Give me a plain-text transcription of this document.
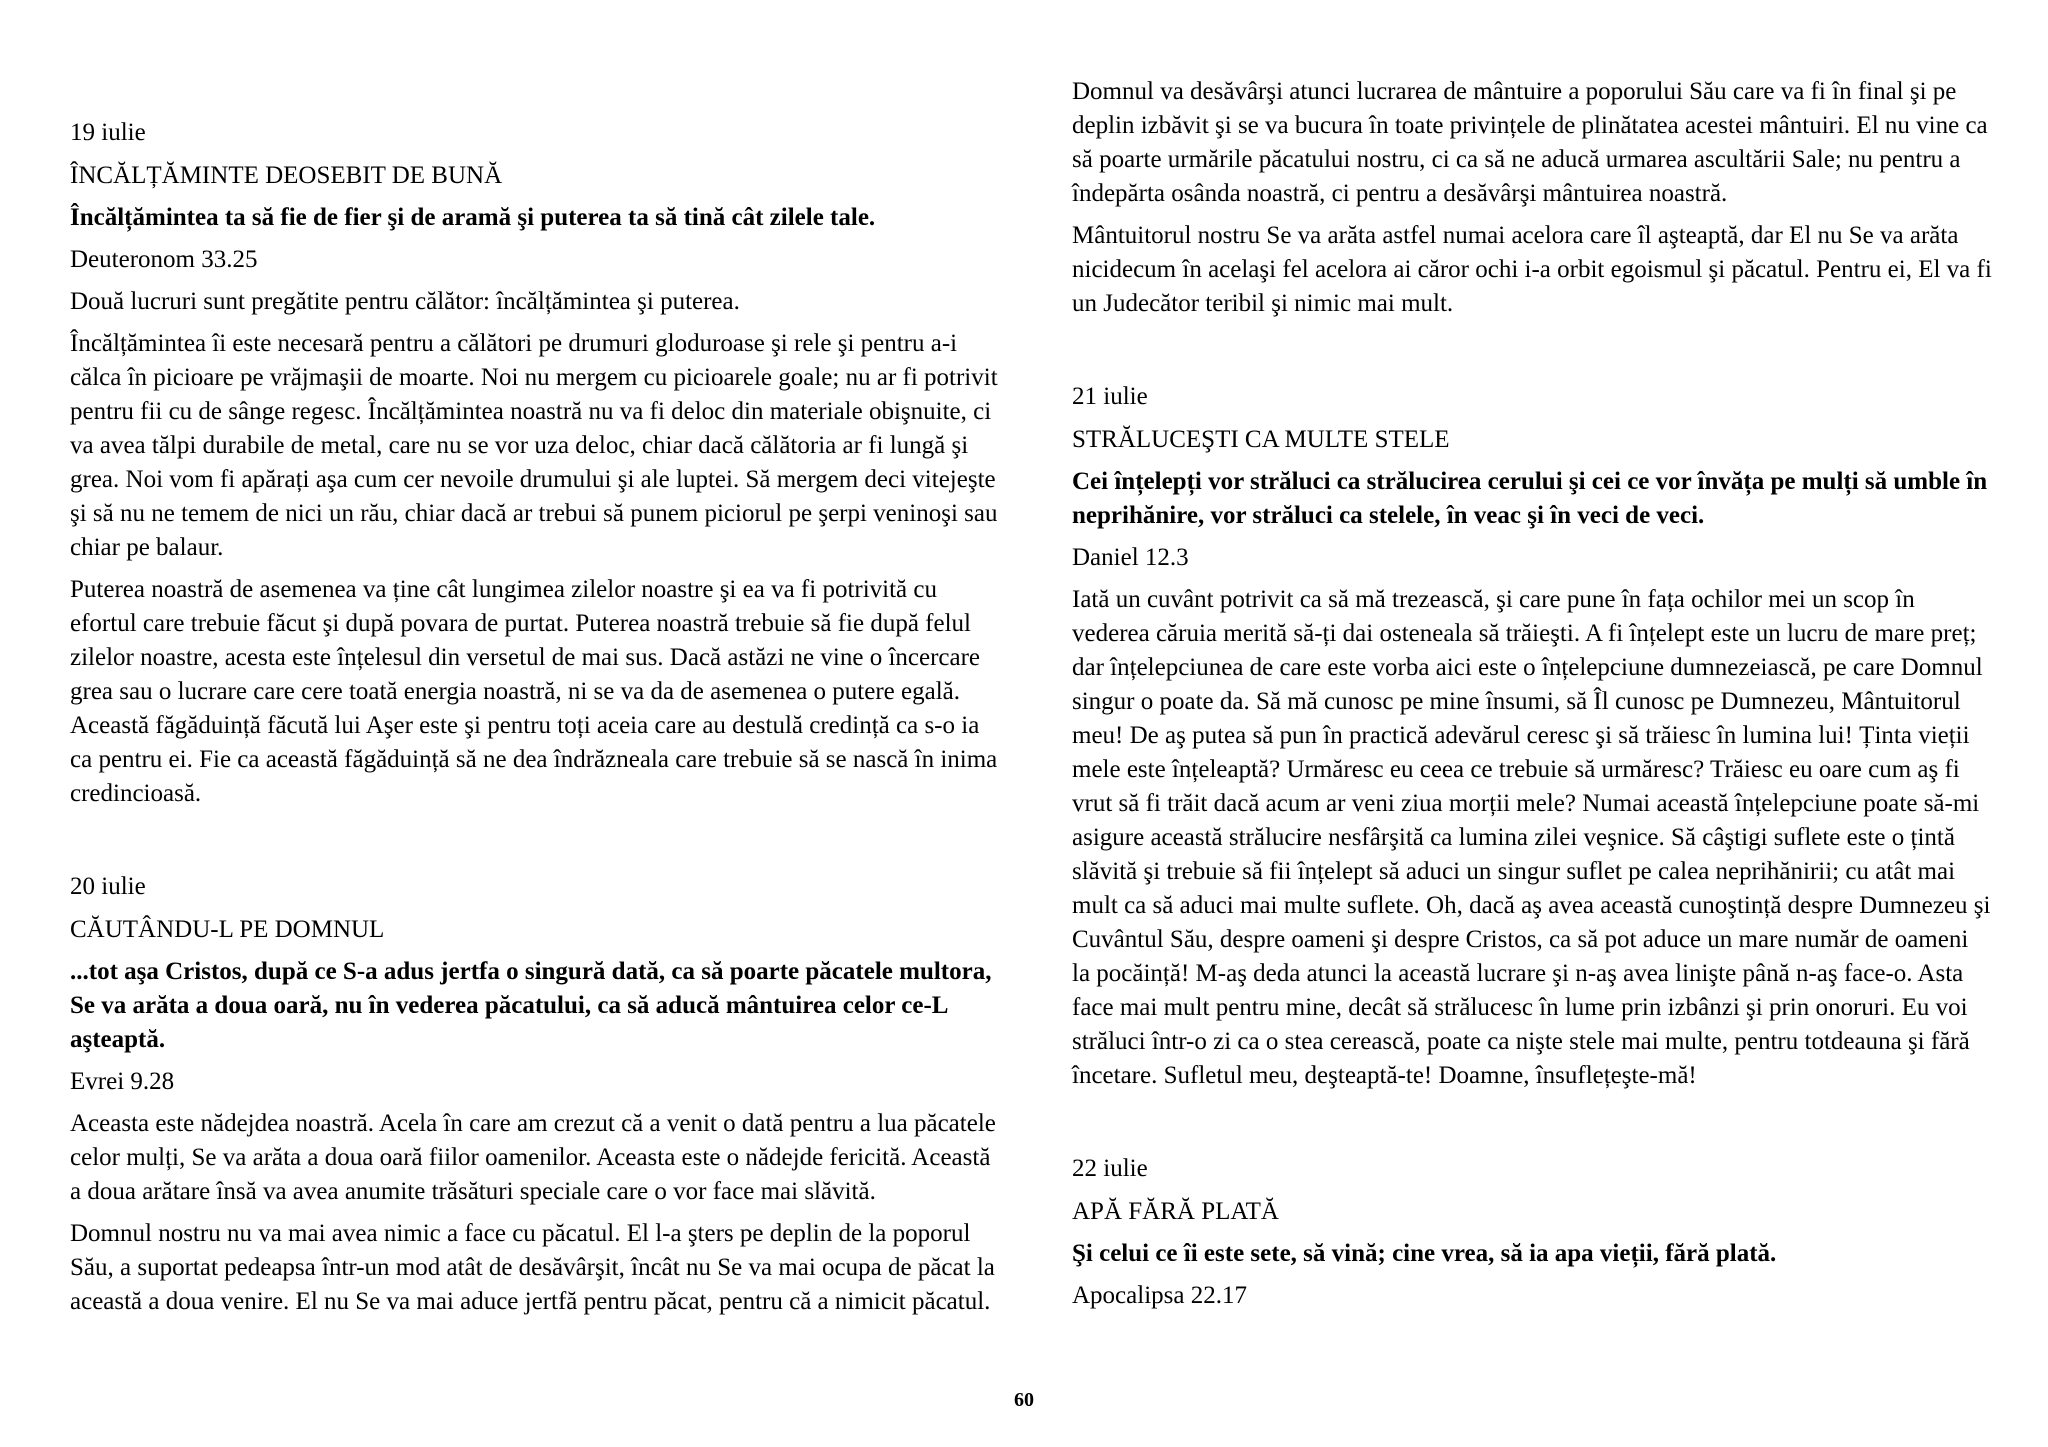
19 iulie

ÎNCĂLȚĂMINTE DEOSEBIT DE BUNĂ

Încălțămintea ta să fie de fier şi de aramă şi puterea ta să tină cât zilele tale.

Deuteronom 33.25

Două lucruri sunt pregătite pentru călător: încălțămintea şi puterea.

Încălțămintea îi este necesară pentru a călători pe drumuri gloduroase şi rele şi pentru a-i călca în picioare pe vrăjmaşii de moarte. Noi nu mergem cu picioarele goale; nu ar fi potrivit pentru fii cu de sânge regesc. Încălțămintea noastră nu va fi deloc din materiale obişnuite, ci va avea tălpi durabile de metal, care nu se vor uza deloc, chiar dacă călătoria ar fi lungă şi grea. Noi vom fi apărați aşa cum cer nevoile drumului şi ale luptei. Să mergem deci vitejeşte şi să nu ne temem de nici un rău, chiar dacă ar trebui să punem piciorul pe şerpi veninoşi sau chiar pe balaur.

Puterea noastră de asemenea va ține cât lungimea zilelor noastre şi ea va fi potrivită cu efortul care trebuie făcut şi după povara de purtat. Puterea noastră trebuie să fie după felul zilelor noastre, acesta este înțelesul din versetul de mai sus. Dacă astăzi ne vine o încercare grea sau o lucrare care cere toată energia noastră, ni se va da de asemenea o putere egală. Această făgăduință făcută lui Aşer este şi pentru toți aceia care au destulă credință ca s-o ia ca pentru ei. Fie ca această făgăduință să ne dea îndrăzneala care trebuie să se nască în inima credincioasă.

20 iulie

CĂUTÂNDU-L PE DOMNUL

...tot aşa Cristos, după ce S-a adus jertfa o singură dată, ca să poarte păcatele multora, Se va arăta a doua oară, nu în vederea păcatului, ca să aducă mântuirea celor ce-L aşteaptă.

Evrei 9.28

Aceasta este nădejdea noastră. Acela în care am crezut că a venit o dată pentru a lua păcatele celor mulți, Se va arăta a doua oară fiilor oamenilor. Aceasta este o nădejde fericită. Această a doua arătare însă va avea anumite trăsături speciale care o vor face mai slăvită.

Domnul nostru nu va mai avea nimic a face cu păcatul. El l-a şters pe deplin de la poporul Său, a suportat pedeapsa într-un mod atât de desăvârşit, încât nu Se va mai ocupa de păcat la această a doua venire. El nu Se va mai aduce jertfă pentru păcat, pentru că a nimicit păcatul.

Domnul va desăvârşi atunci lucrarea de mântuire a poporului Său care va fi în final şi pe deplin izbăvit şi se va bucura în toate privințele de plinătatea acestei mântuiri. El nu vine ca să poarte urmările păcatului nostru, ci ca să ne aducă urmarea ascultării Sale; nu pentru a îndepărta osânda noastră, ci pentru a desăvârşi mântuirea noastră.

Mântuitorul nostru Se va arăta astfel numai acelora care îl aşteaptă, dar El nu Se va arăta nicidecum în acelaşi fel acelora ai căror ochi i-a orbit egoismul şi păcatul. Pentru ei, El va fi un Judecător teribil şi nimic mai mult.

21 iulie

STRĂLUCEŞTI CA MULTE STELE

Cei înțelepți vor străluci ca strălucirea cerului şi cei ce vor învăța pe mulți să umble în neprihănire, vor străluci ca stelele, în veac şi în veci de veci.

Daniel 12.3

Iată un cuvânt potrivit ca să mă trezească, şi care pune în fața ochilor mei un scop în vederea căruia merită să-ți dai osteneala să trăieşti. A fi înțelept este un lucru de mare preț; dar înțelepciunea de care este vorba aici este o înțelepciune dumnezeiască, pe care Domnul singur o poate da. Să mă cunosc pe mine însumi, să Îl cunosc pe Dumnezeu, Mântuitorul meu! De aş putea să pun în practică adevărul ceresc şi să trăiesc în lumina lui! Ținta vieții mele este înțeleaptă? Urmăresc eu ceea ce trebuie să urmăresc? Trăiesc eu oare cum aş fi vrut să fi trăit dacă acum ar veni ziua morții mele? Numai această înțelepciune poate să-mi asigure această strălucire nesfârşită ca lumina zilei veşnice. Să câştigi suflete este o țintă slăvită şi trebuie să fii înțelept să aduci un singur suflet pe calea neprihănirii; cu atât mai mult ca să aduci mai multe suflete. Oh, dacă aş avea această cunoştință despre Dumnezeu şi Cuvântul Său, despre oameni şi despre Cristos, ca să pot aduce un mare număr de oameni la pocăință! M-aş deda atunci la această lucrare şi n-aş avea linişte până n-aş face-o. Asta face mai mult pentru mine, decât să strălucesc în lume prin izbânzi şi prin onoruri. Eu voi străluci într-o zi ca o stea cerească, poate ca nişte stele mai multe, pentru totdeauna şi fără încetare. Sufletul meu, deşteaptă-te! Doamne, însuflețeşte-mă!

22 iulie

APĂ FĂRĂ PLATĂ

Şi celui ce îi este sete, să vină; cine vrea, să ia apa vieții, fără plată.

Apocalipsa 22.17

60
